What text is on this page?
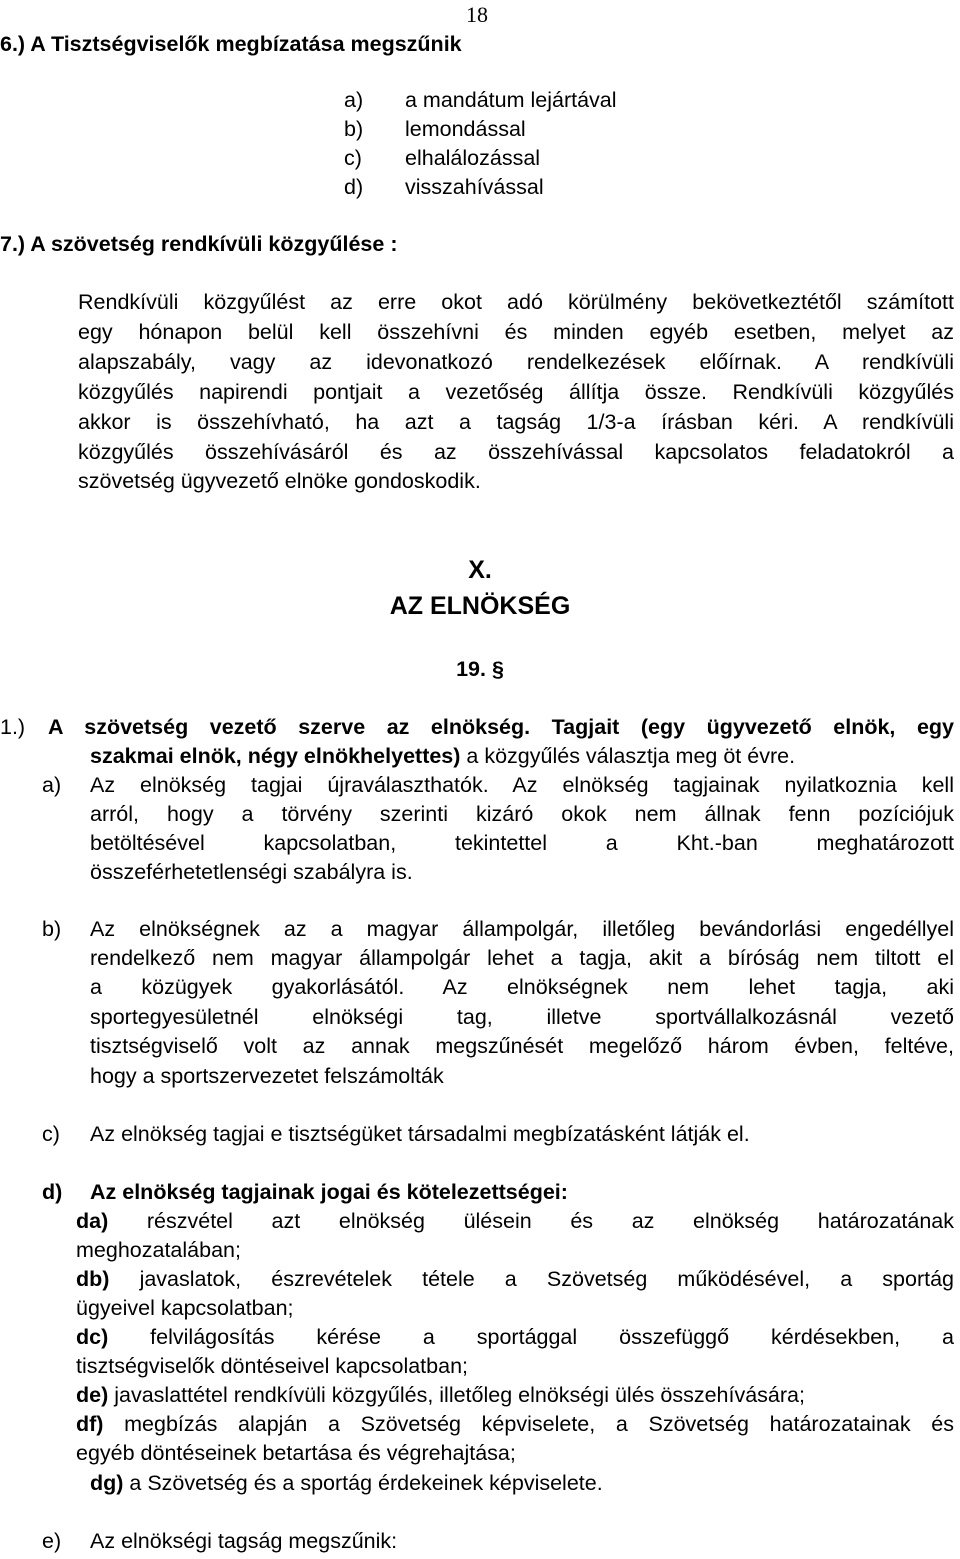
18
6.) A Tisztségviselők megbízatása megszűnik
a) a mandátum lejártával
b) lemondással
c) elhalálozással
d) visszahívással
7.) A szövetség rendkívüli közgyűlése :
Rendkívüli közgyűlést az erre okot adó körülmény bekövetkeztétől számított
egy hónapon belül kell összehívni és minden egyéb esetben, melyet az
alapszabály, vagy az idevonatkozó rendelkezések előírnak. A rendkívüli
közgyűlés napirendi pontjait a vezetőség állítja össze. Rendkívüli közgyűlés
akkor is összehívható, ha azt a tagság 1/3-a írásban kéri. A rendkívüli
közgyűlés összehívásáról és az összehívással kapcsolatos feladatokról a
szövetség ügyvezető elnöke gondoskodik.
X.
AZ ELNÖKSÉG
19. §
1.) A szövetség vezető szerve az elnökség. Tagjait (egy ügyvezető elnök, egy
szakmai elnök, négy elnökhelyettes) a közgyűlés választja meg öt évre.
a) Az elnökség tagjai újraválaszthatók. Az elnökség tagjainak nyilatkoznia kell
arról, hogy a törvény szerinti kizáró okok nem állnak fenn pozíciójuk
betöltésével kapcsolatban, tekintettel a Kht.-ban meghatározott
összeférhetetlenségi szabályra is.
b) Az elnökségnek az a magyar állampolgár, illetőleg bevándorlási engedéllyel
rendelkező nem magyar állampolgár lehet a tagja, akit a bíróság nem tiltott el
a közügyek gyakorlásától. Az elnökségnek nem lehet tagja, aki
sportegyesületnél elnökségi tag, illetve sportvállalkozásnál vezető
tisztségviselő volt az annak megszűnését megelőző három évben, feltéve,
hogy a sportszervezetet felszámolták
c) Az elnökség tagjai e tisztségüket társadalmi megbízatásként látják el.
d) Az elnökség tagjainak jogai és kötelezettségei:
da) részvétel azt elnökség ülésein és az elnökség határozatának
meghozatalában;
db) javaslatok, észrevételek tétele a Szövetség működésével, a sportág
ügyeivel kapcsolatban;
dc) felvilágosítás kérése a sportággal összefüggő kérdésekben, a
tisztségviselők döntéseivel kapcsolatban;
de) javaslattétel rendkívüli közgyűlés, illetőleg elnökségi ülés összehívására;
df) megbízás alapján a Szövetség képviselete, a Szövetség határozatainak és
egyéb döntéseinek betartása és végrehajtása;
dg) a Szövetség és a sportág érdekeinek képviselete.
e) Az elnökségi tagság megszűnik:
